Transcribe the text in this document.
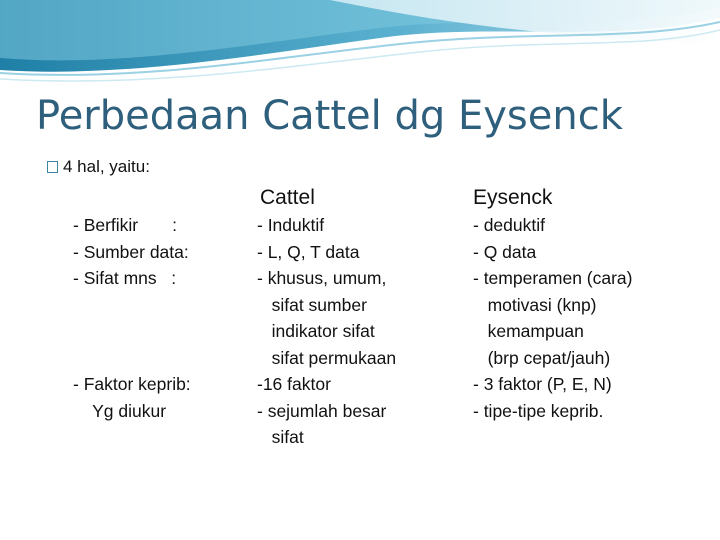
Perbedaan Cattel dg Eysenck
4 hal, yaitu:
- Berfikir       :
- Sumber data:
- Sifat mns   :
- Faktor keprib:
Yg diukur
Cattel
- Induktif
- L, Q, T data
- khusus, umum,
sifat sumber
indikator sifat
sifat permukaan
-16 faktor
- sejumlah besar
sifat
Eysenck
- deduktif
- Q data
- temperamen (cara)
motivasi (knp)
kemampuan
(brp cepat/jauh)
- 3 faktor (P, E, N)
- tipe-tipe keprib.
